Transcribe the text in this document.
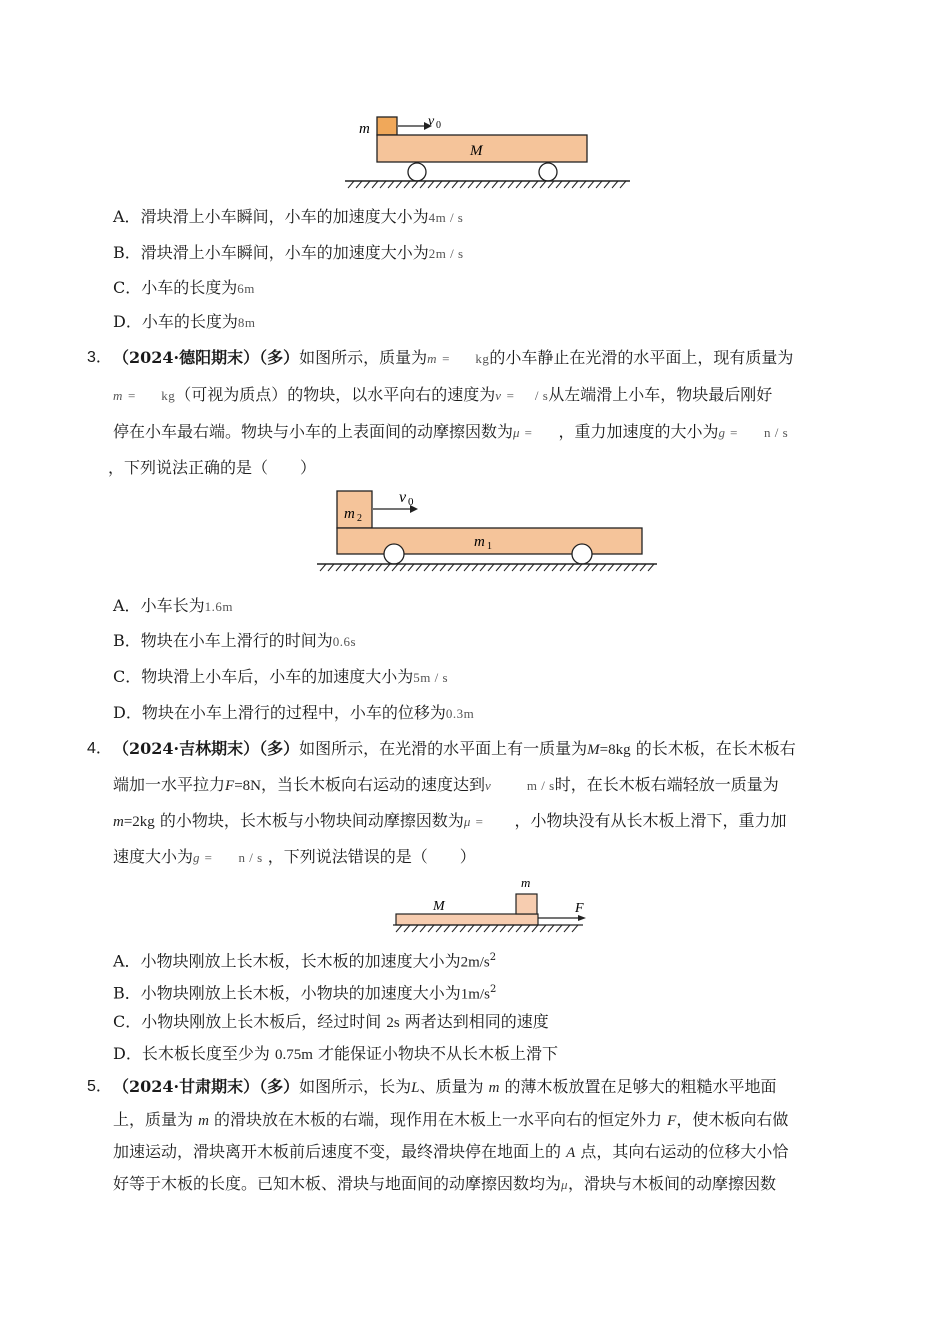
m
M
v 0
A．滑块滑上小车瞬间，小车的加速度大小为4m / s
B．滑块滑上小车瞬间，小车的加速度大小为2m / s
C．小车的长度为6m
D．小车的长度为8m
3． （2024·德阳期末）（多）如图所示，质量为m = kg的小车静止在光滑的水平面上，现有质量为
m = kg（可视为质点）的物块，以水平向右的速度为v = / s从左端滑上小车，物块最后刚好
停在小车最右端。物块与小车的上表面间的动摩擦因数为μ = ，重力加速度的大小为g = n / s
，下列说法正确的是（　　）
m 2
m 1
v 0
A．小车长为1.6m
B．物块在小车上滑行的时间为0.6s
C．物块滑上小车后，小车的加速度大小为5m / s
D．物块在小车上滑行的过程中，小车的位移为0.3m
4． （2024·吉林期末）（多）如图所示，在光滑的水平面上有一质量为M=8kg 的长木板，在长木板右
端加一水平拉力F=8N，当长木板向右运动的速度达到v	m / s时，在长木板右端轻放一质量为
m=2kg 的小物块，长木板与小物块间动摩擦因数为μ = ，小物块没有从长木板上滑下，重力加
速度大小为g = n / s ，下列说法错误的是（　　）
M
m
F
A．小物块刚放上长木板，长木板的加速度大小为$2m/s^2$
B．小物块刚放上长木板，小物块的加速度大小为$1m/s^2$
C．小物块刚放上长木板后，经过时间 2s 两者达到相同的速度
D．长木板长度至少为 0.75m 才能保证小物块不从长木板上滑下
5． （2024·甘肃期末）（多）如图所示，长为L、质量为 m 的薄木板放置在足够大的粗糙水平地面
上，质量为 m 的滑块放在木板的右端，现作用在木板上一水平向右的恒定外力 F，使木板向右做
加速运动，滑块离开木板前后速度不变，最终滑块停在地面上的 A 点，其向右运动的位移大小恰
好等于木板的长度。已知木板、滑块与地面间的动摩擦因数均为μ，滑块与木板间的动摩擦因数
